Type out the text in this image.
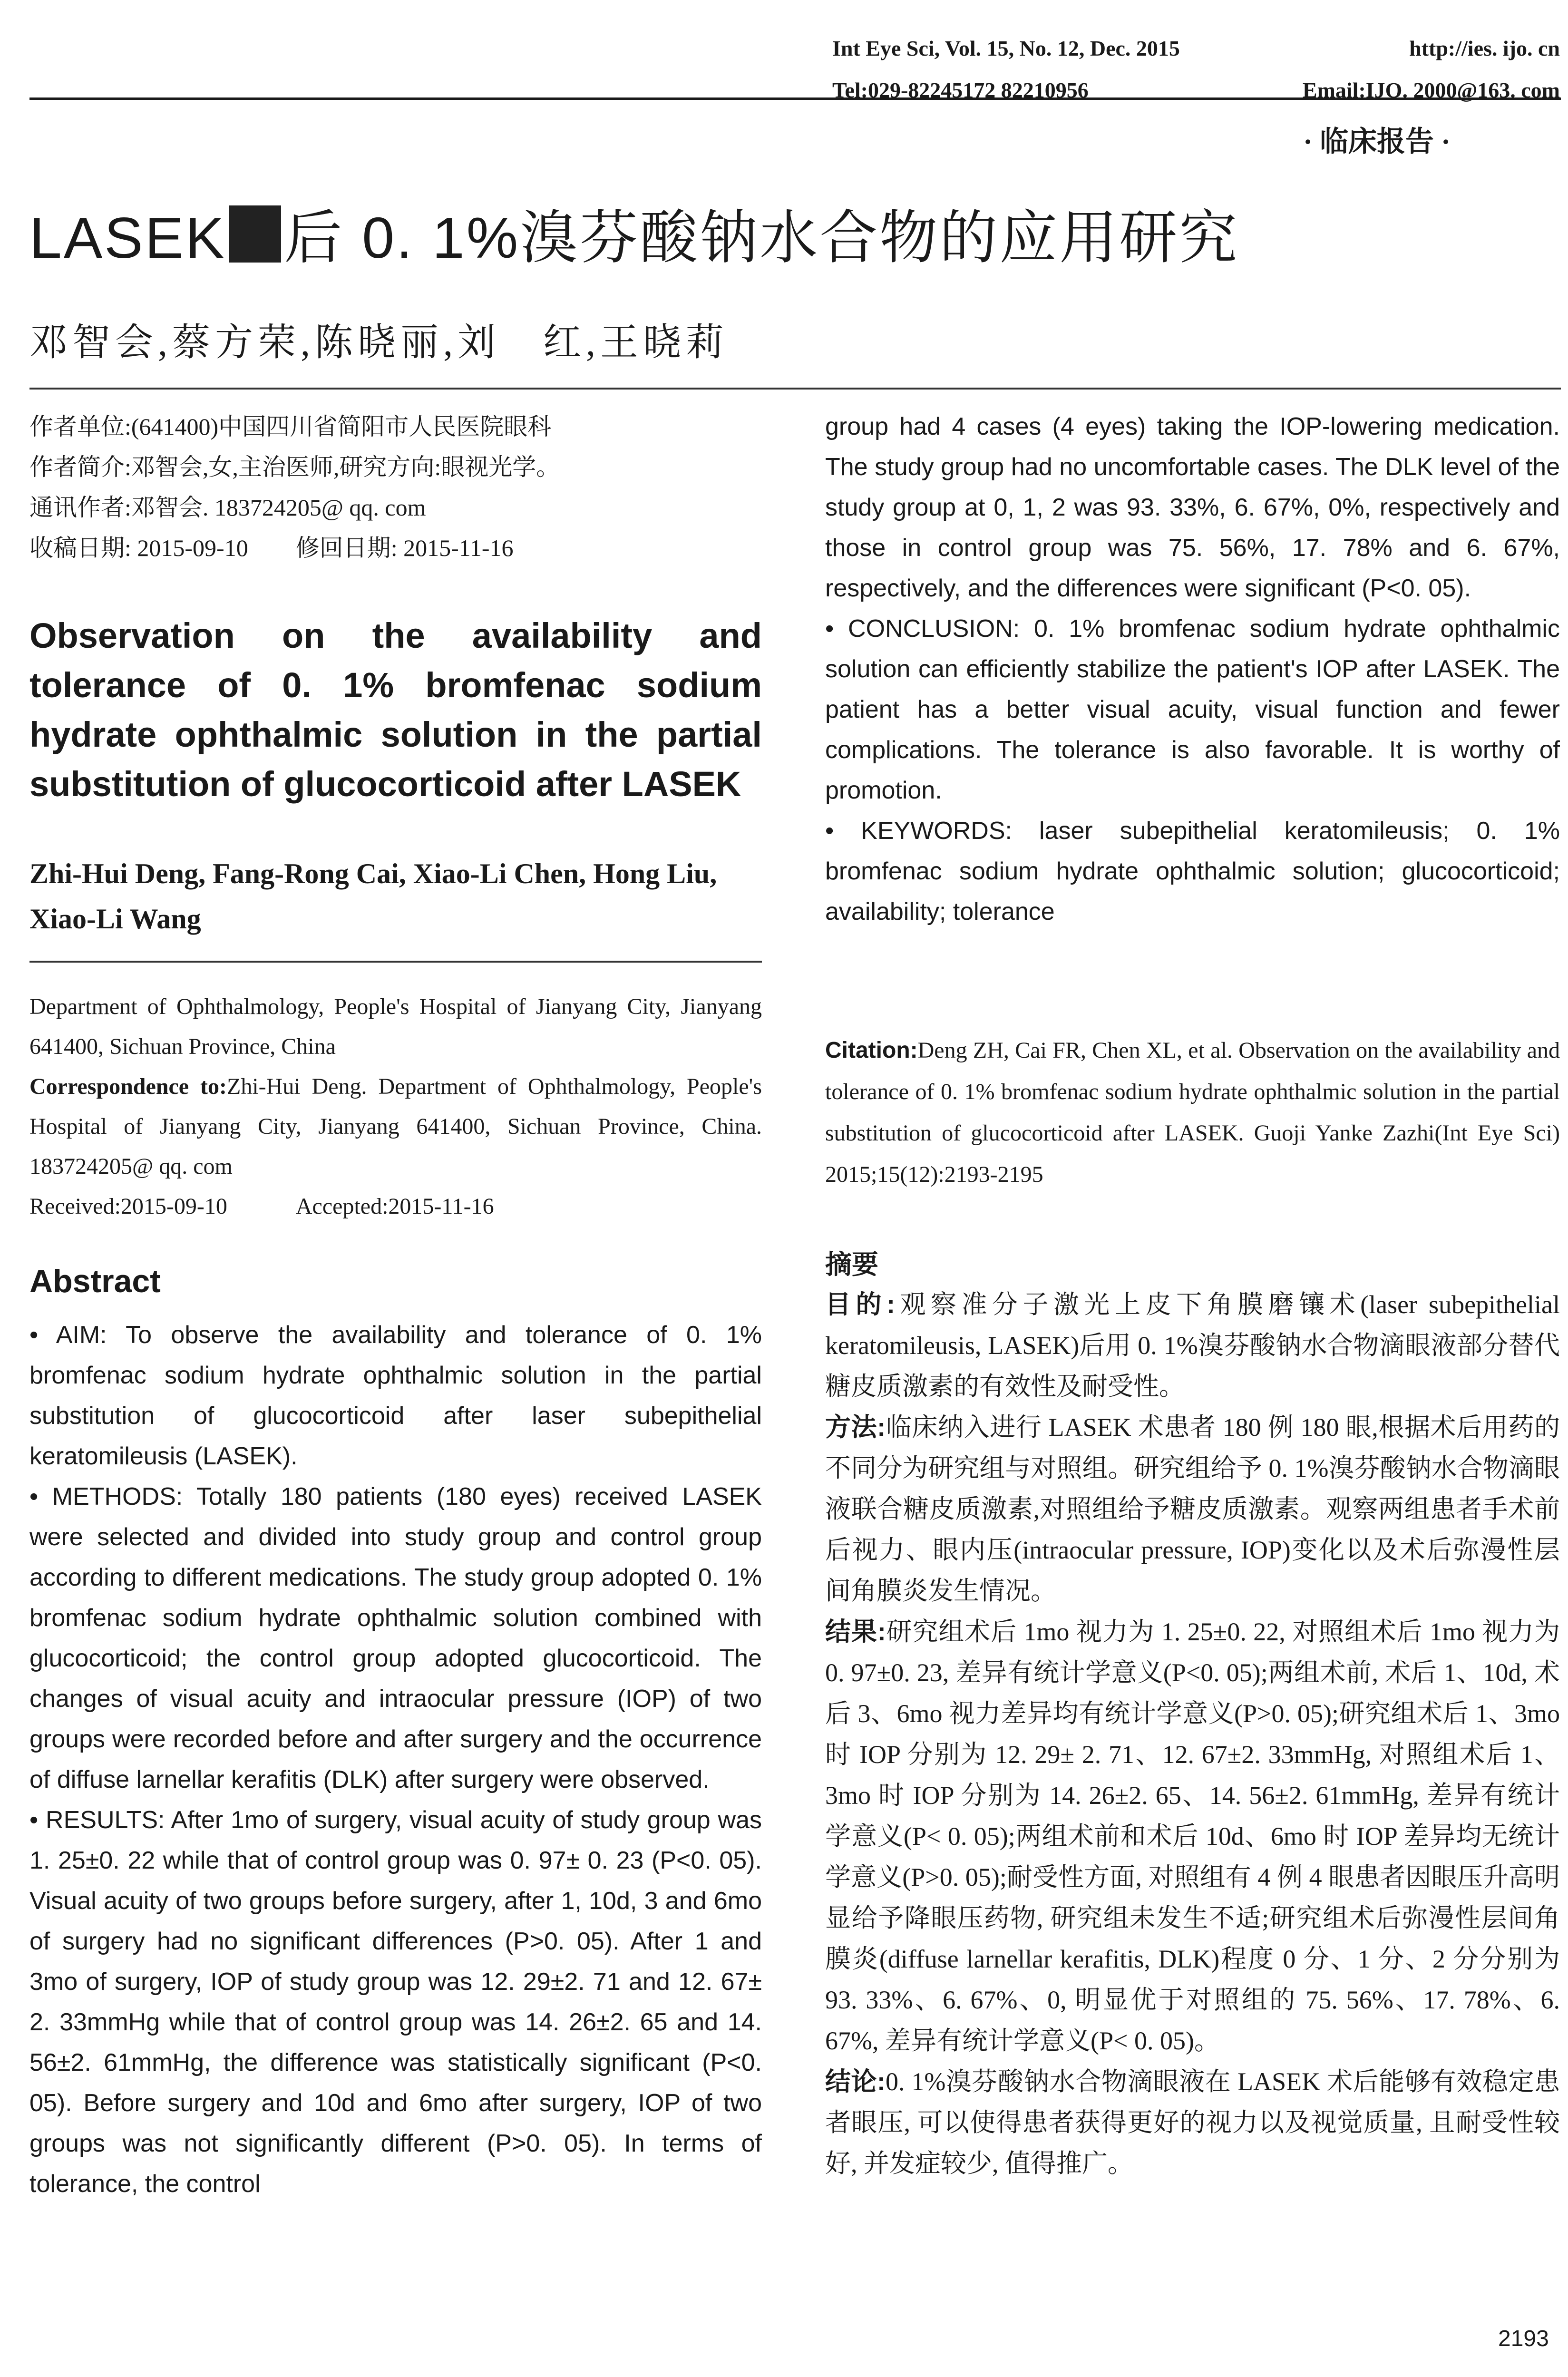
Int Eye Sci, Vol. 15, No. 12, Dec. 2015	http://ies. ijo. cn
Tel:029-82245172 82210956	Email:IJO. 2000@163. com
· 临床报告 ·
LASEK 后 0. 1%溴芬酸钠水合物的应用研究
邓智会,蔡方荣,陈晓丽,刘　红,王晓莉
作者单位:(641400)中国四川省简阳市人民医院眼科
作者简介:邓智会,女,主治医师,研究方向:眼视光学。
通讯作者:邓智会. 183724205@ qq. com
收稿日期: 2015-09-10　　修回日期: 2015-11-16
Observation on the availability and tolerance of 0. 1% bromfenac sodium hydrate ophthalmic solution in the partial substitution of glucocorticoid after LASEK
Zhi-Hui Deng, Fang-Rong Cai, Xiao-Li Chen, Hong Liu, Xiao-Li Wang

Department of Ophthalmology, People's Hospital of Jianyang City, Jianyang 641400, Sichuan Province, China

Correspondence to:Zhi-Hui Deng. Department of Ophthalmology, People's Hospital of Jianyang City, Jianyang 641400, Sichuan Province, China. 183724205@ qq. com

Received:2015-09-10　　　Accepted:2015-11-16

Abstract

• AIM: To observe the availability and tolerance of 0. 1% bromfenac sodium hydrate ophthalmic solution in the partial substitution of glucocorticoid after laser subepithelial keratomileusis (LASEK).

• METHODS: Totally 180 patients (180 eyes) received LASEK were selected and divided into study group and control group according to different medications. The study group adopted 0. 1% bromfenac sodium hydrate ophthalmic solution combined with glucocorticoid; the control group adopted glucocorticoid. The changes of visual acuity and intraocular pressure (IOP) of two groups were recorded before and after surgery and the occurrence of diffuse larnellar kerafitis (DLK) after surgery were observed.

• RESULTS: After 1mo of surgery, visual acuity of study group was 1. 25±0. 22 while that of control group was 0. 97± 0. 23 (P<0. 05). Visual acuity of two groups before surgery, after 1, 10d, 3 and 6mo of surgery had no significant differences (P>0. 05). After 1 and 3mo of surgery, IOP of study group was 12. 29±2. 71 and 12. 67± 2. 33mmHg while that of control group was 14. 26±2. 65 and 14. 56±2. 61mmHg, the difference was statistically significant (P<0. 05). Before surgery and 10d and 6mo after surgery, IOP of two groups was not significantly different (P>0. 05). In terms of tolerance, the control

group had 4 cases (4 eyes) taking the IOP-lowering medication. The study group had no uncomfortable cases. The DLK level of the study group at 0, 1, 2 was 93. 33%, 6. 67%, 0%, respectively and those in control group was 75. 56%, 17. 78% and 6. 67%, respectively, and the differences were significant (P<0. 05).

• CONCLUSION: 0. 1% bromfenac sodium hydrate ophthalmic solution can efficiently stabilize the patient's IOP after LASEK. The patient has a better visual acuity, visual function and fewer complications. The tolerance is also favorable. It is worthy of promotion.

• KEYWORDS: laser subepithelial keratomileusis; 0. 1% bromfenac sodium hydrate ophthalmic solution; glucocorticoid; availability; tolerance

Citation:Deng ZH, Cai FR, Chen XL, et al. Observation on the availability and tolerance of 0. 1% bromfenac sodium hydrate ophthalmic solution in the partial substitution of glucocorticoid after LASEK. Guoji Yanke Zazhi(Int Eye Sci) 2015;15(12):2193-2195
摘要

目的:观察准分子激光上皮下角膜磨镶术(laser subepithelial keratomileusis, LASEK)后用 0. 1%溴芬酸钠水合物滴眼液部分替代糖皮质激素的有效性及耐受性。

方法:临床纳入进行 LASEK 术患者 180 例 180 眼,根据术后用药的不同分为研究组与对照组。研究组给予 0. 1%溴芬酸钠水合物滴眼液联合糖皮质激素,对照组给予糖皮质激素。观察两组患者手术前后视力、眼内压(intraocular pressure, IOP)变化以及术后弥漫性层间角膜炎发生情况。

结果:研究组术后 1mo 视力为 1. 25±0. 22, 对照组术后 1mo 视力为 0. 97±0. 23, 差异有统计学意义(P<0. 05);两组术前, 术后 1、10d, 术后 3、6mo 视力差异均有统计学意义(P>0. 05);研究组术后 1、3mo 时 IOP 分别为 12. 29± 2. 71、12. 67±2. 33mmHg, 对照组术后 1、3mo 时 IOP 分别为 14. 26±2. 65、14. 56±2. 61mmHg, 差异有统计学意义(P< 0. 05);两组术前和术后 10d、6mo 时 IOP 差异均无统计学意义(P>0. 05);耐受性方面, 对照组有 4 例 4 眼患者因眼压升高明显给予降眼压药物, 研究组未发生不适;研究组术后弥漫性层间角膜炎(diffuse larnellar kerafitis, DLK)程度 0 分、1 分、2 分分别为 93. 33%、6. 67%、0, 明显优于对照组的 75. 56%、17. 78%、6. 67%, 差异有统计学意义(P< 0. 05)。

结论:0. 1%溴芬酸钠水合物滴眼液在 LASEK 术后能够有效稳定患者眼压, 可以使得患者获得更好的视力以及视觉质量, 且耐受性较好, 并发症较少, 值得推广。

2193
